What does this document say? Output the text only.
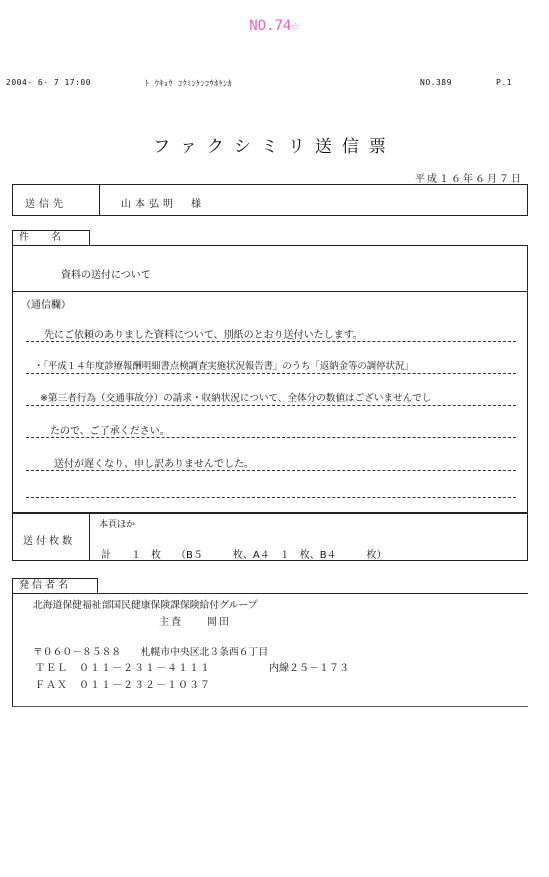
NO.74☆
2004- 6- 7 17:00	ﾄ ｳｷｮｳ ｺｸﾐﾝｹﾝｺｳﾎｹﾝｶ	NO.389	P.1
ファクシミリ送信票
平成１６年６月７日
送信先	山本弘明　様
件　名
資料の送付について
（通信欄）
先にご依頼のありました資料について、別紙のとおり送付いたします。
・「平成１４年度診療報酬明細書点検調査実施状況報告書」のうち「返納金等の調停状況」
※第三者行為（交通事故分）の請求・収納状況について、全体分の数値はございませんでし
　たので、ご了承ください。
送付が遅くなり、申し訳ありませんでした。
送付枚数
本頁ほか
計　　１　枚　　（B５　　　枚、A４　１　枚、B４　　　枚）
発信者名
北海道保健福祉部国民健康保険課保険給付グループ
主査　　岡田
〒０６０－８５８８　　札幌市中央区北３条西６丁目
ＴＥＬ　０１１－２３１－４１１１	内線２５－１７３
ＦＡＸ　０１１－２３２－１０３７
